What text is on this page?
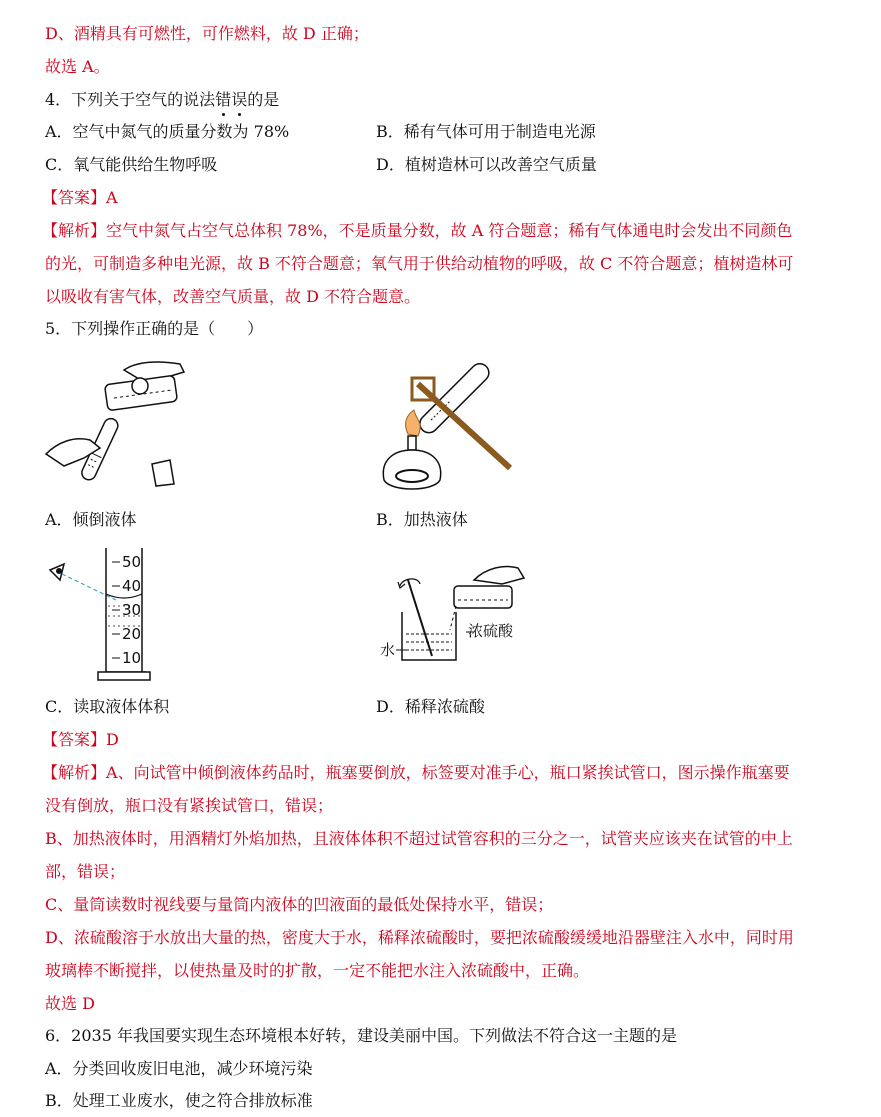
D、酒精具有可燃性，可作燃料，故 D 正确；
故选 A。
4．下列关于空气的说法错误的是
A．空气中氮气的质量分数为 78%	B．稀有气体可用于制造电光源
C．氧气能供给生物呼吸	D．植树造林可以改善空气质量
【答案】A
【解析】空气中氮气占空气总体积 78%，不是质量分数，故 A 符合题意；稀有气体通电时会发出不同颜色
的光，可制造多种电光源，故 B 不符合题意；氧气用于供给动植物的呼吸，故 C 不符合题意；植树造林可
以吸收有害气体，改善空气质量，故 D 不符合题意。
5．下列操作正确的是（　　）
A．倾倒液体	B．加热液体
50
40
30
20
10
浓硫酸
水
C．读取液体体积	D．稀释浓硫酸
【答案】D
【解析】A、向试管中倾倒液体药品时，瓶塞要倒放，标签要对准手心，瓶口紧挨试管口，图示操作瓶塞要
没有倒放，瓶口没有紧挨试管口，错误；
B、加热液体时，用酒精灯外焰加热，且液体体积不超过试管容积的三分之一，试管夹应该夹在试管的中上
部，错误；
C、量筒读数时视线要与量筒内液体的凹液面的最低处保持水平，错误；
D、浓硫酸溶于水放出大量的热，密度大于水，稀释浓硫酸时，要把浓硫酸缓缓地沿器壁注入水中，同时用
玻璃棒不断搅拌，以使热量及时的扩散，一定不能把水注入浓硫酸中，正确。
故选 D
6．2035 年我国要实现生态环境根本好转，建设美丽中国。下列做法不符合这一主题的是
A．分类回收废旧电池，减少环境污染
B．处理工业废水，使之符合排放标准
